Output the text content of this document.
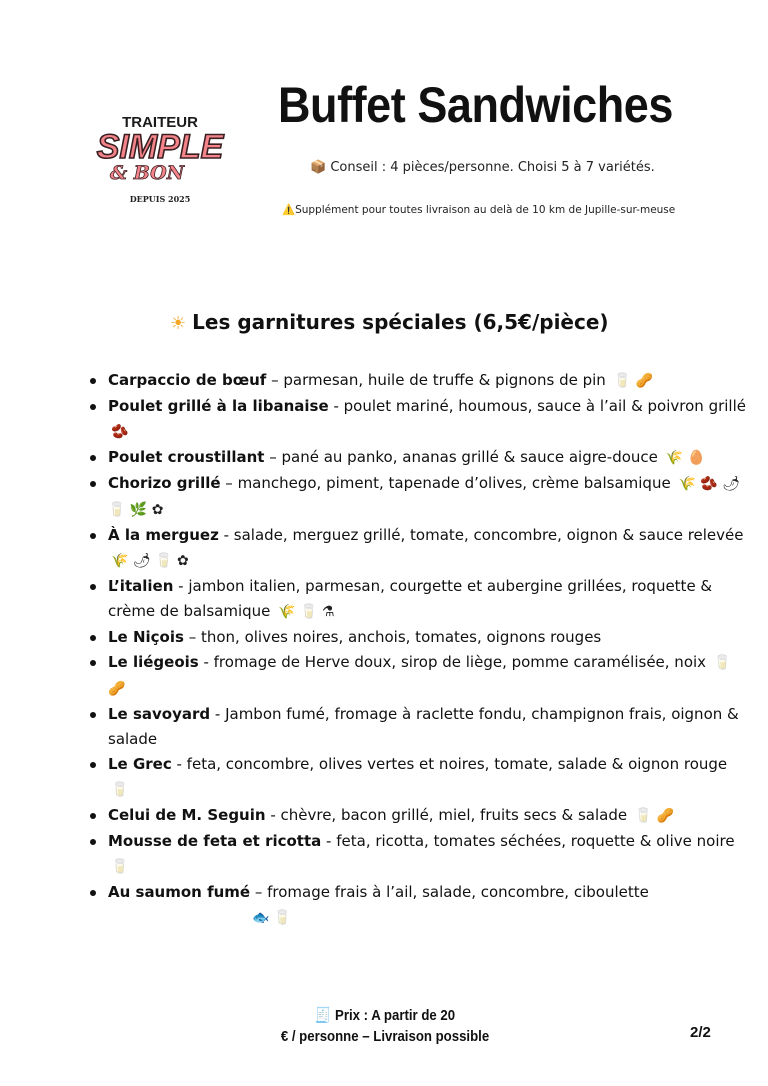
TRAITEUR
SIMPLE
& BON
DEPUIS 2025
Buffet Sandwiches
📦 Conseil : 4 pièces/personne. Choisi 5 à 7 variétés.
⚠️Supplément pour toutes livraison au delà de 10 km de Jupille-sur-meuse
☀ Les garnitures spéciales (6,5€/pièce)
Carpaccio de bœuf – parmesan, huile de truffe & pignons de pin 🥛 🥜
Poulet grillé à la libanaise - poulet mariné, houmous, sauce à l’ail & poivron grillé 🫘
Poulet croustillant – pané au panko, ananas grillé & sauce aigre-douce 🌾 🥚
Chorizo grillé – manchego, piment, tapenade d’olives, crème balsamique 🌾 🫘 🌶 🥛 🌿 ✿
À la merguez - salade, merguez grillé, tomate, concombre, oignon & sauce relevée 🌾 🌶 🥛 ✿
L’italien - jambon italien, parmesan, courgette et aubergine grillées, roquette & crème de balsamique 🌾 🥛 ⚗
Le Niçois – thon, olives noires, anchois, tomates, oignons rouges
Le liégeois - fromage de Herve doux, sirop de liège, pomme caramélisée, noix 🥛 🥜
Le savoyard - Jambon fumé, fromage à raclette fondu, champignon frais, oignon & salade
Le Grec - feta, concombre, olives vertes et noires, tomate, salade & oignon rouge 🥛
Celui de M. Seguin - chèvre, bacon grillé, miel, fruits secs & salade 🥛 🥜
Mousse de feta et ricotta - feta, ricotta, tomates séchées, roquette & olive noire 🥛
Au saumon fumé – fromage frais à l’ail, salade, concombre, ciboulette
🐟 🥛
🧾 Prix : A partir de 20
€ / personne – Livraison possible	2/2
